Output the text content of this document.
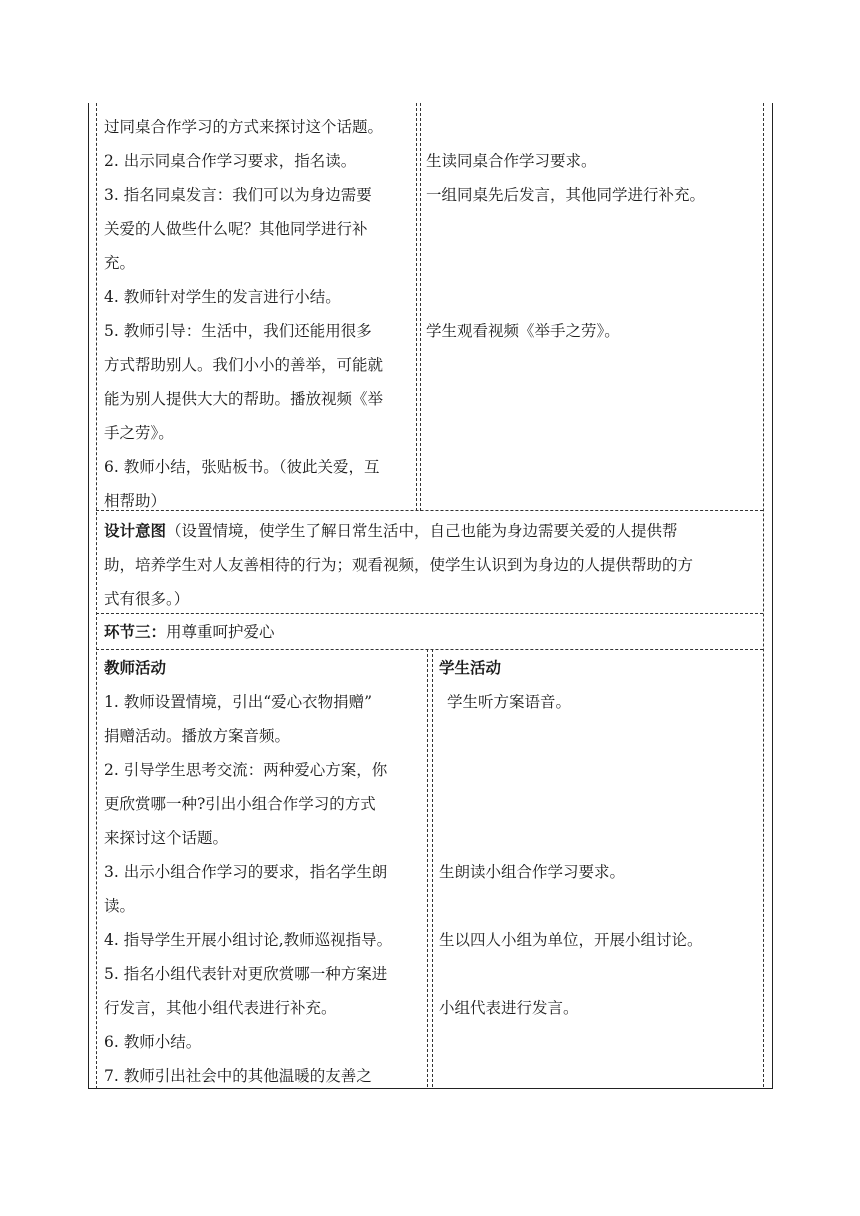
过同桌合作学习的方式来探讨这个话题。
2. 出示同桌合作学习要求，指名读。
3. 指名同桌发言：我们可以为身边需要
关爱的人做些什么呢？其他同学进行补
充。
4. 教师针对学生的发言进行小结。
5. 教师引导：生活中，我们还能用很多
方式帮助别人。我们小小的善举，可能就
能为别人提供大大的帮助。播放视频《举
手之劳》。
6. 教师小结，张贴板书。（彼此关爱，互
相帮助）
生读同桌合作学习要求。
一组同桌先后发言，其他同学进行补充。
学生观看视频《举手之劳》。
设计意图（设置情境，使学生了解日常生活中，自己也能为身边需要关爱的人提供帮
助，培养学生对人友善相待的行为；观看视频，使学生认识到为身边的人提供帮助的方
式有很多。）
环节三：用尊重呵护爱心
教师活动	学生活动
1. 教师设置情境，引出“爱心衣物捐赠”
捐赠活动。播放方案音频。
2. 引导学生思考交流：两种爱心方案，你
更欣赏哪一种?引出小组合作学习的方式
来探讨这个话题。
3. 出示小组合作学习的要求，指名学生朗
读。
4. 指导学生开展小组讨论,教师巡视指导。
5. 指名小组代表针对更欣赏哪一种方案进
行发言，其他小组代表进行补充。
6. 教师小结。
7. 教师引出社会中的其他温暖的友善之
学生听方案语音。
生朗读小组合作学习要求。
生以四人小组为单位，开展小组讨论。
小组代表进行发言。
